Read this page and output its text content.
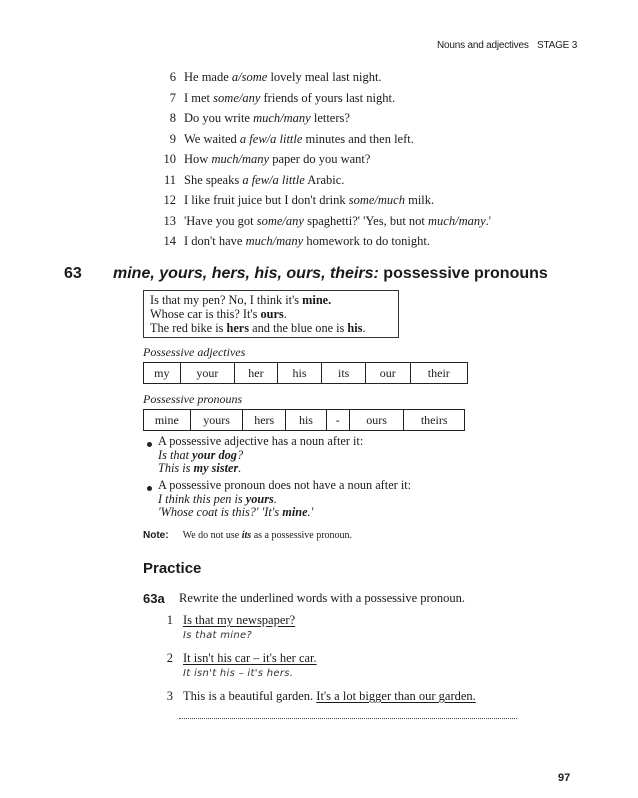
Nouns and adjectives STAGE 3
6 He made a/some lovely meal last night.
7 I met some/any friends of yours last night.
8 Do you write much/many letters?
9 We waited a few/a little minutes and then left.
10 How much/many paper do you want?
11 She speaks a few/a little Arabic.
12 I like fruit juice but I don't drink some/much milk.
13 'Have you got some/any spaghetti?' 'Yes, but not much/many.'
14 I don't have much/many homework to do tonight.
63 mine, yours, hers, his, ours, theirs: possessive pronouns
Is that my pen? No, I think it's mine.
Whose car is this? It's ours.
The red bike is hers and the blue one is his.
Possessive adjectives
my	your	her	his	its	our	their
Possessive pronouns
mine	yours	hers	his	-	ours	theirs
A possessive adjective has a noun after it:
Is that your dog?
This is my sister.
A possessive pronoun does not have a noun after it:
I think this pen is yours.
'Whose coat is this?' 'It's mine.'
Note: We do not use its as a possessive pronoun.
Practice
63a Rewrite the underlined words with a possessive pronoun.
1 Is that my newspaper?
Is that mine?
2 It isn't his car – it's her car.
It isn't his – it's hers.
3 This is a beautiful garden. It's a lot bigger than our garden.
97
